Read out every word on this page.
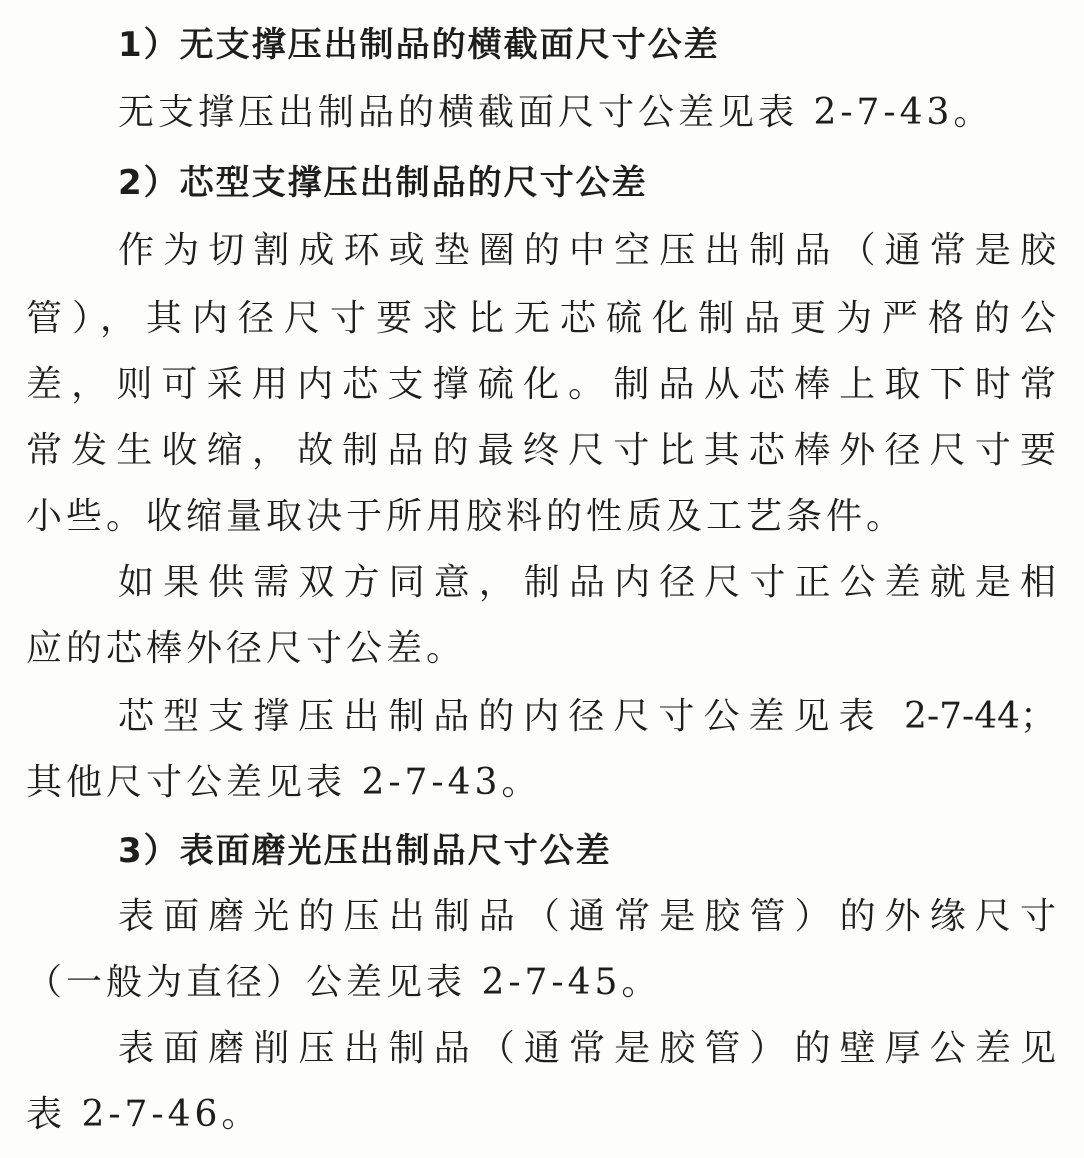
1）无支撑压出制品的横截面尺寸公差
无支撑压出制品的横截面尺寸公差见表 2-7-43。
2）芯型支撑压出制品的尺寸公差
作为切割成环或垫圈的中空压出制品（通常是胶
管），其内径尺寸要求比无芯硫化制品更为严格的公
差，则可采用内芯支撑硫化。制品从芯棒上取下时常
常发生收缩，故制品的最终尺寸比其芯棒外径尺寸要
小些。收缩量取决于所用胶料的性质及工艺条件。
如果供需双方同意，制品内径尺寸正公差就是相
应的芯棒外径尺寸公差。
芯型支撑压出制品的内径尺寸公差见表 2-7-44；
其他尺寸公差见表 2-7-43。
3）表面磨光压出制品尺寸公差
表面磨光的压出制品（通常是胶管）的外缘尺寸
（一般为直径）公差见表 2-7-45。
表面磨削压出制品（通常是胶管）的壁厚公差见
表 2-7-46。
